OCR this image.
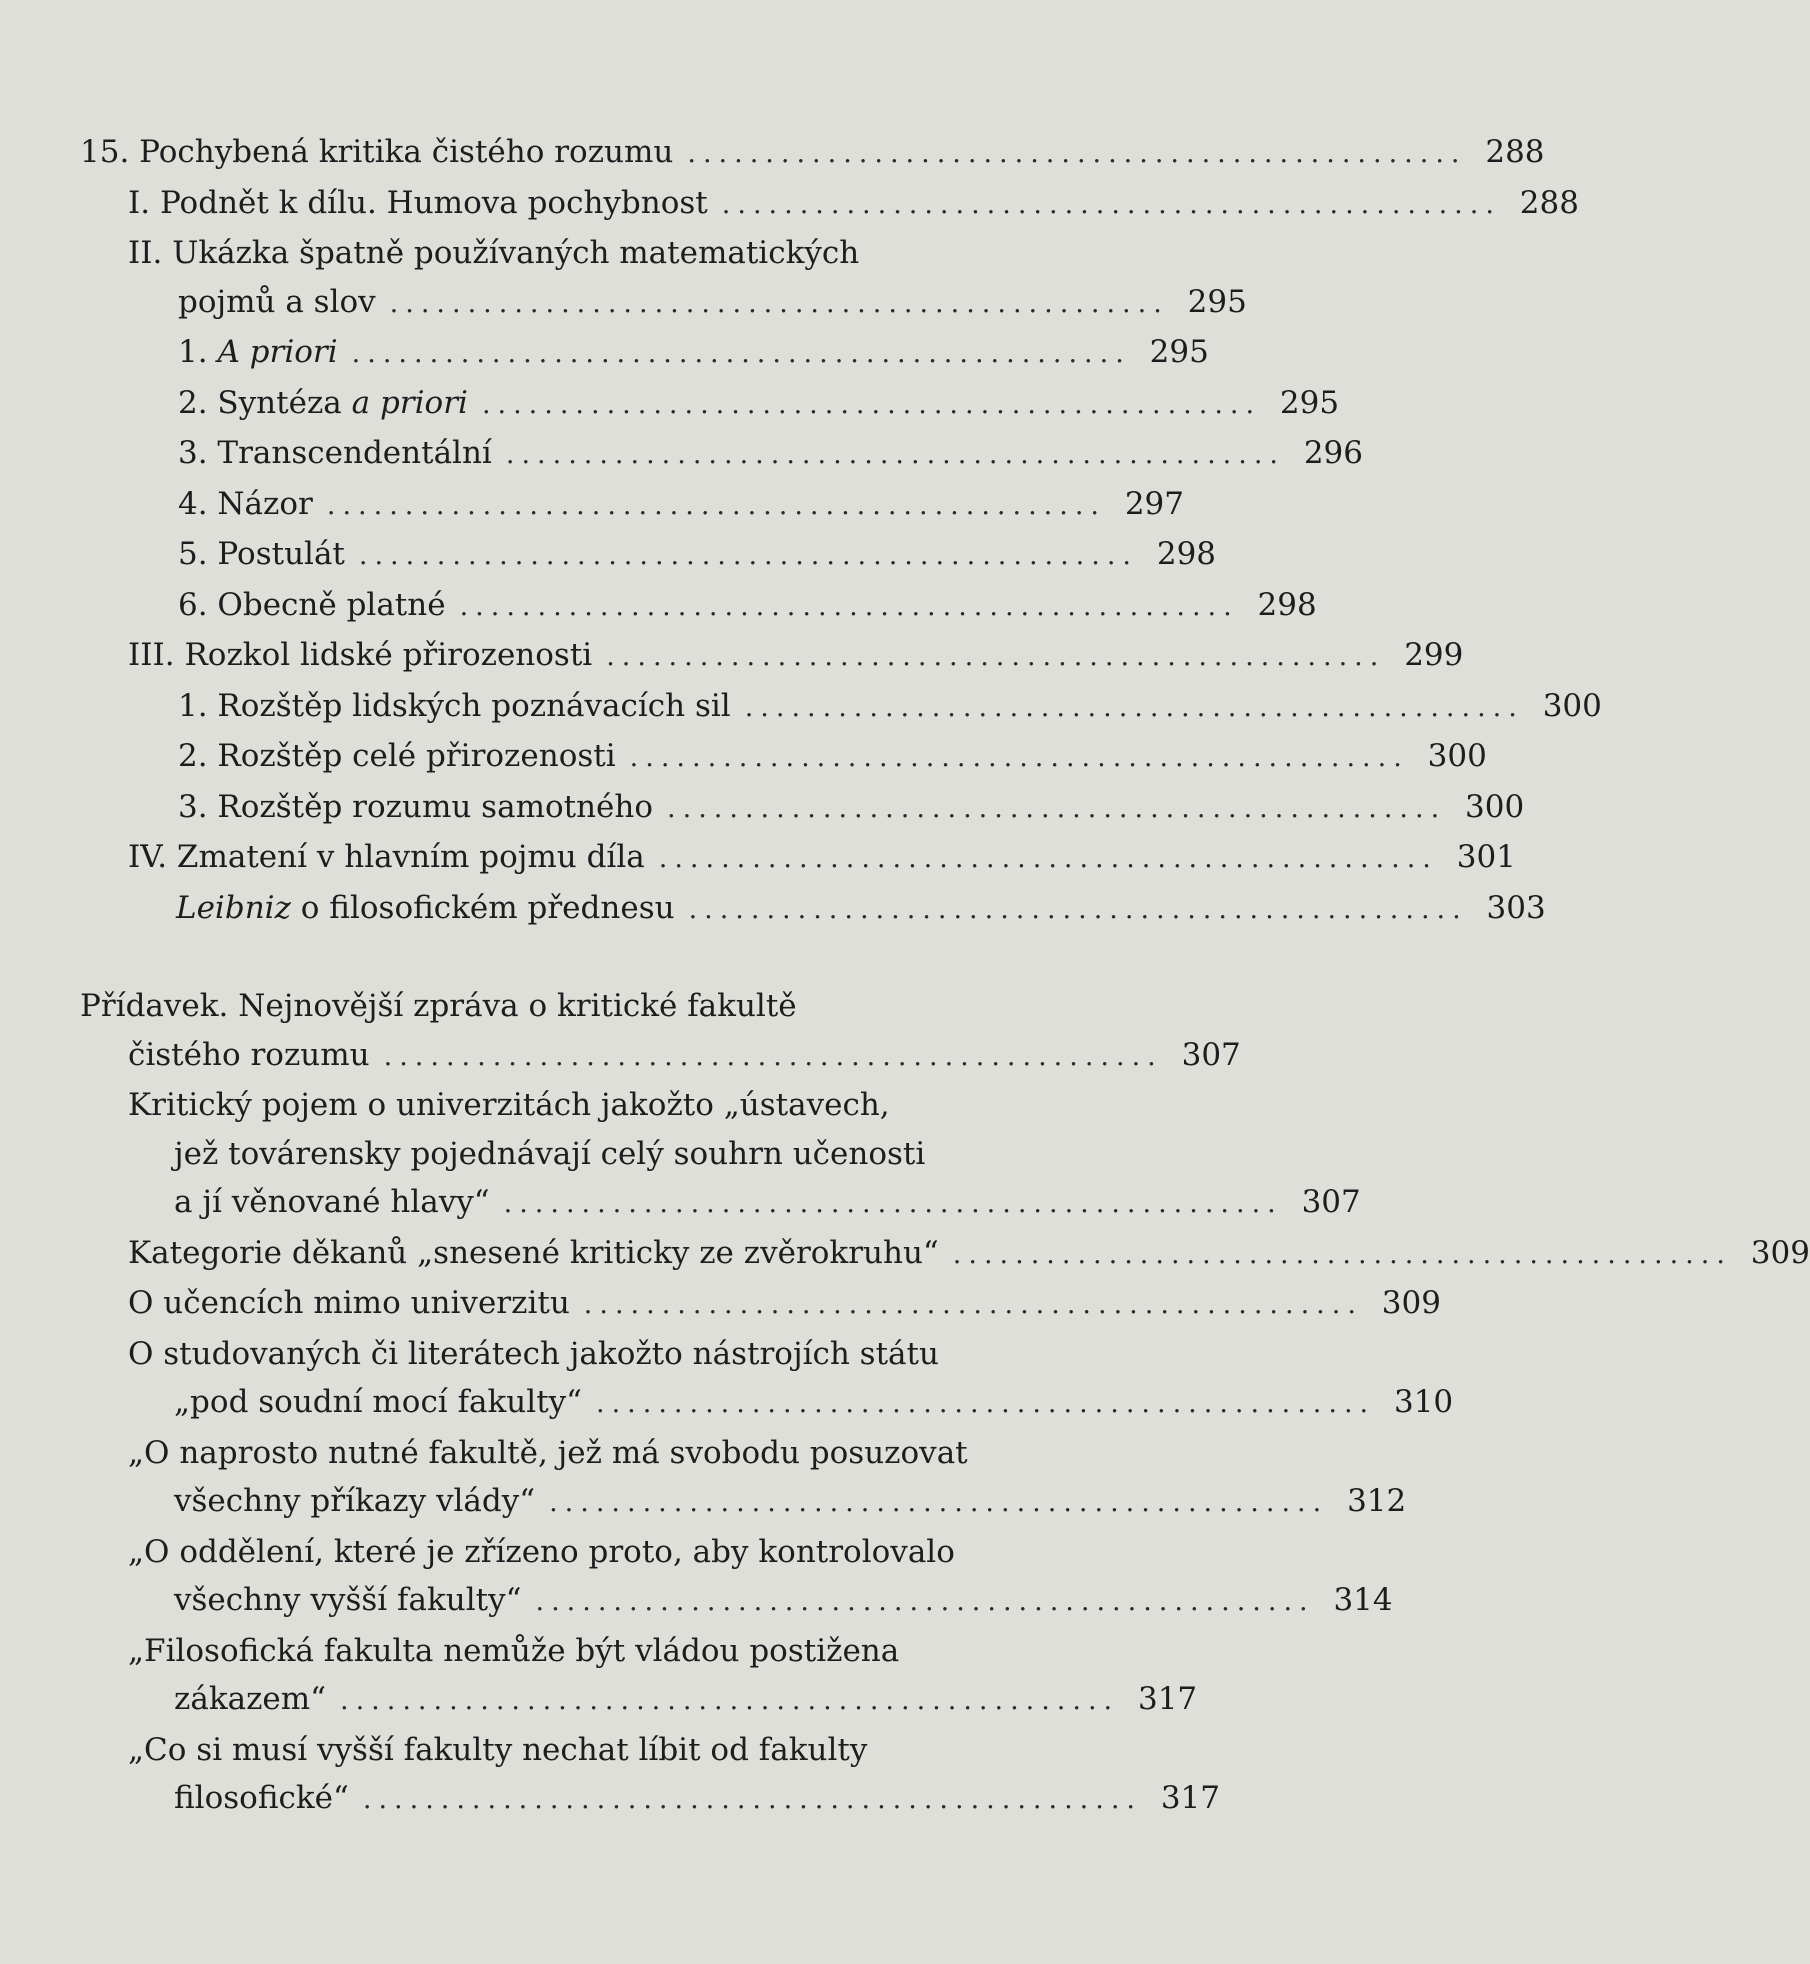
15. Pochybená kritika čistého rozumu .................................................. 288
I. Podnět k dílu. Humova pochybnost .................................................. 288
II. Ukázka špatně používaných matematických
pojmů a slov .................................................. 295
1. A priori .................................................. 295
2. Syntéza a priori .................................................. 295
3. Transcendentální .................................................. 296
4. Názor .................................................. 297
5. Postulát .................................................. 298
6. Obecně platné .................................................. 298
III. Rozkol lidské přirozenosti .................................................. 299
1. Rozštěp lidských poznávacích sil .................................................. 300
2. Rozštěp celé přirozenosti .................................................. 300
3. Rozštěp rozumu samotného .................................................. 300
IV. Zmatení v hlavním pojmu díla .................................................. 301
Leibniz o filosofickém přednesu .................................................. 303
Přídavek. Nejnovější zpráva o kritické fakultě
čistého rozumu .................................................. 307
Kritický pojem o univerzitách jakožto „ústavech,
jež továrensky pojednávají celý souhrn učenosti
a jí věnované hlavy“ .................................................. 307
Kategorie děkanů „snesené kriticky ze zvěrokruhu“ .................................................. 309
O učencích mimo univerzitu .................................................. 309
O studovaných či literátech jakožto nástrojích státu
„pod soudní mocí fakulty“ .................................................. 310
„O naprosto nutné fakultě, jež má svobodu posuzovat
všechny příkazy vlády“ .................................................. 312
„O oddělení, které je zřízeno proto, aby kontrolovalo
všechny vyšší fakulty“ .................................................. 314
„Filosofická fakulta nemůže být vládou postižena
zákazem“ .................................................. 317
„Co si musí vyšší fakulty nechat líbit od fakulty
filosofické“ .................................................. 317
